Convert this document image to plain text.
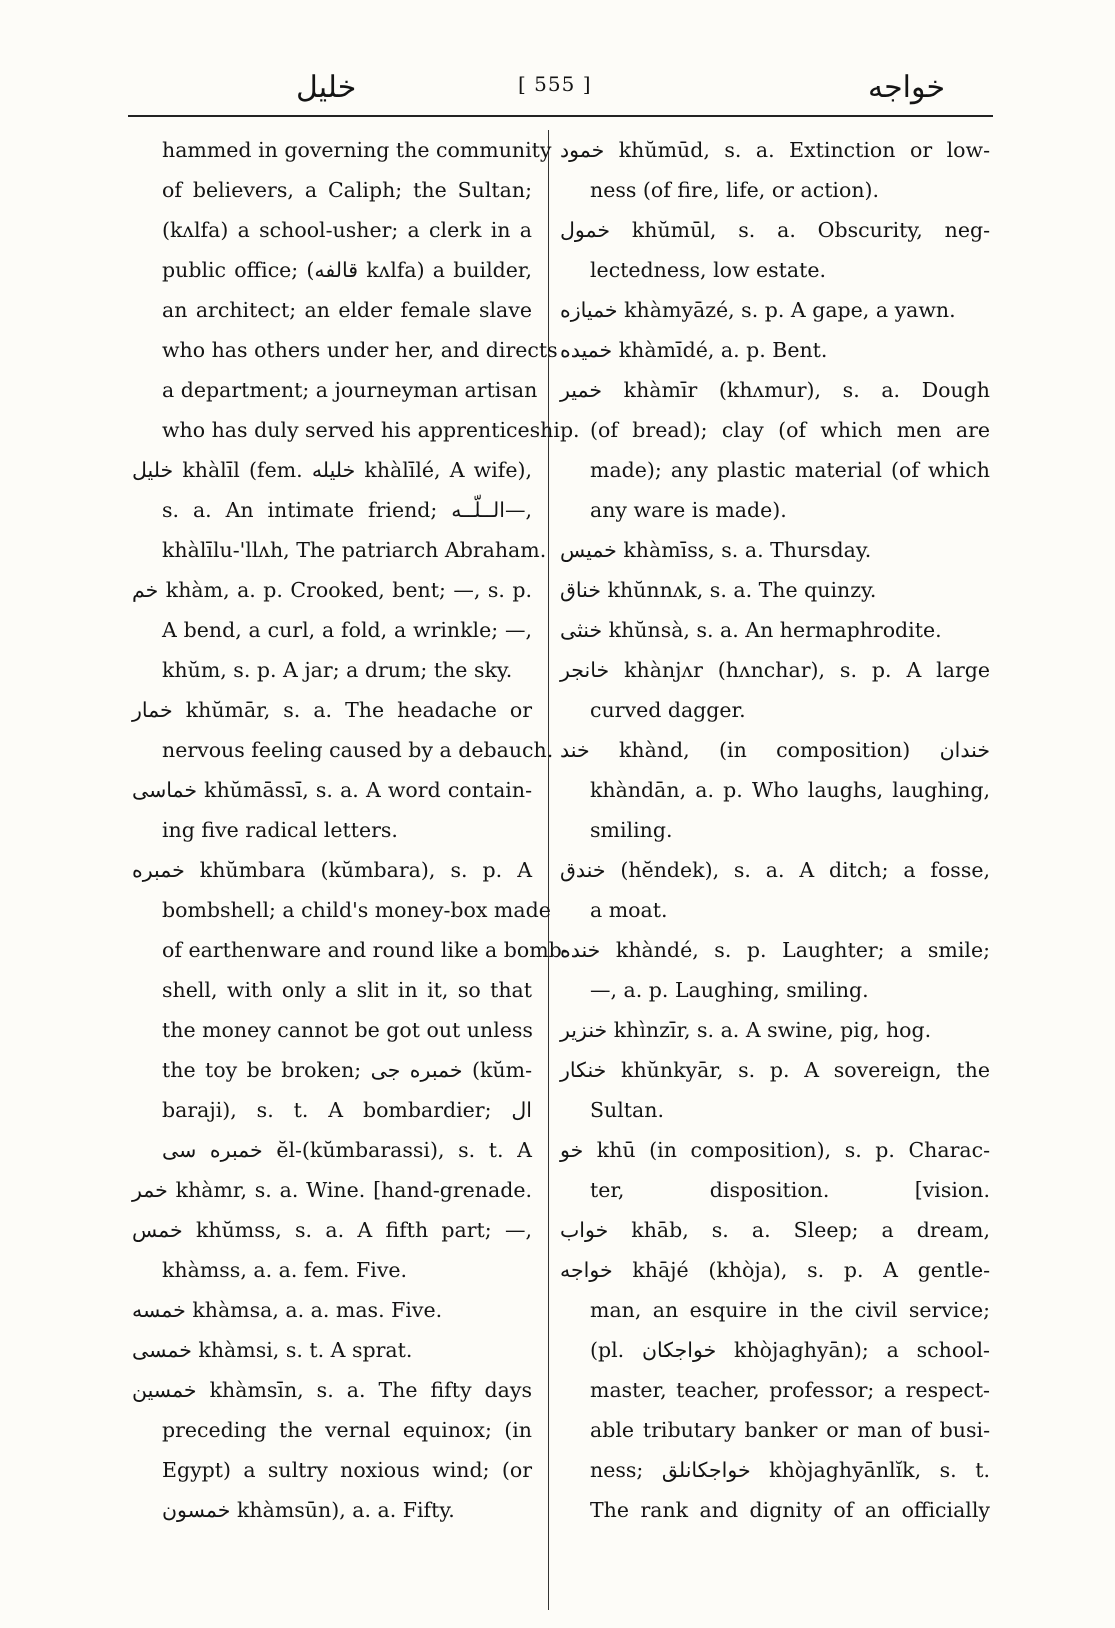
خليل	[ 555 ]	خواجه
hammed in governing the community
of believers, a Caliph; the Sultan;
(kʌlfa) a school-usher; a clerk in a
public office; (قالفه kʌlfa) a builder,
an architect; an elder female slave
who has others under her, and directs
a department; a journeyman artisan
who has duly served his apprenticeship.
خليل khàlīl (fem. خليله khàlīlé, A wife),
s. a. An intimate friend; الــلّــه—,
khàlīlu-'llʌh, The patriarch Abraham.
خم khàm, a. p. Crooked, bent; —, s. p.
A bend, a curl, a fold, a wrinkle; —,
khŭm, s. p. A jar; a drum; the sky.
خمار khŭmār, s. a. The headache or
nervous feeling caused by a debauch.
خماسى khŭmāssī, s. a. A word contain-
ing five radical letters.
خمبره khŭmbara (kŭmbara), s. p. A
bombshell; a child's money-box made
of earthenware and round like a bomb-
shell, with only a slit in it, so that
the money cannot be got out unless
the toy be broken; خمبره جى (kŭm-
baraji), s. t. A bombardier; ال
خمبره سى ĕl-(kŭmbarassi), s. t. A
خمر khàmr, s. a. Wine. [hand-grenade.
خمس khŭmss, s. a. A fifth part; —,
khàmss, a. a. fem. Five.
خمسه khàmsa, a. a. mas. Five.
خمسى khàmsi, s. t. A sprat.
خمسين khàmsīn, s. a. The fifty days
preceding the vernal equinox; (in
Egypt) a sultry noxious wind; (or
خمسون khàmsūn), a. a. Fifty.
خمود khŭmūd, s. a. Extinction or low-
ness (of fire, life, or action).
خمول khŭmūl, s. a. Obscurity, neg-
lectedness, low estate.
خميازه khàmyāzé, s. p. A gape, a yawn.
خميده khàmīdé, a. p. Bent.
خمير khàmīr (khʌmur), s. a. Dough
(of bread); clay (of which men are
made); any plastic material (of which
any ware is made).
خميس khàmīss, s. a. Thursday.
خناق khŭnnʌk, s. a. The quinzy.
خنثى khŭnsà, s. a. An hermaphrodite.
خانجر khànjʌr (hʌnchar), s. p. A large
curved dagger.
خند khànd, (in composition) خندان
khàndān, a. p. Who laughs, laughing,
smiling.
خندق (hĕndek), s. a. A ditch; a fosse,
a moat.
خنده khàndé, s. p. Laughter; a smile;
—, a. p. Laughing, smiling.
خنزير khìnzīr, s. a. A swine, pig, hog.
خنكار khŭnkyār, s. p. A sovereign, the
Sultan.
خو khū (in composition), s. p. Charac-
ter, disposition. [vision.
خواب khāb, s. a. Sleep; a dream,
خواجه khājé (khòja), s. p. A gentle-
man, an esquire in the civil service;
(pl. خواجكان khòjaghyān); a school-
master, teacher, professor; a respect-
able tributary banker or man of busi-
ness; خواجكانلق khòjaghyānlĭk, s. t.
The rank and dignity of an officially
